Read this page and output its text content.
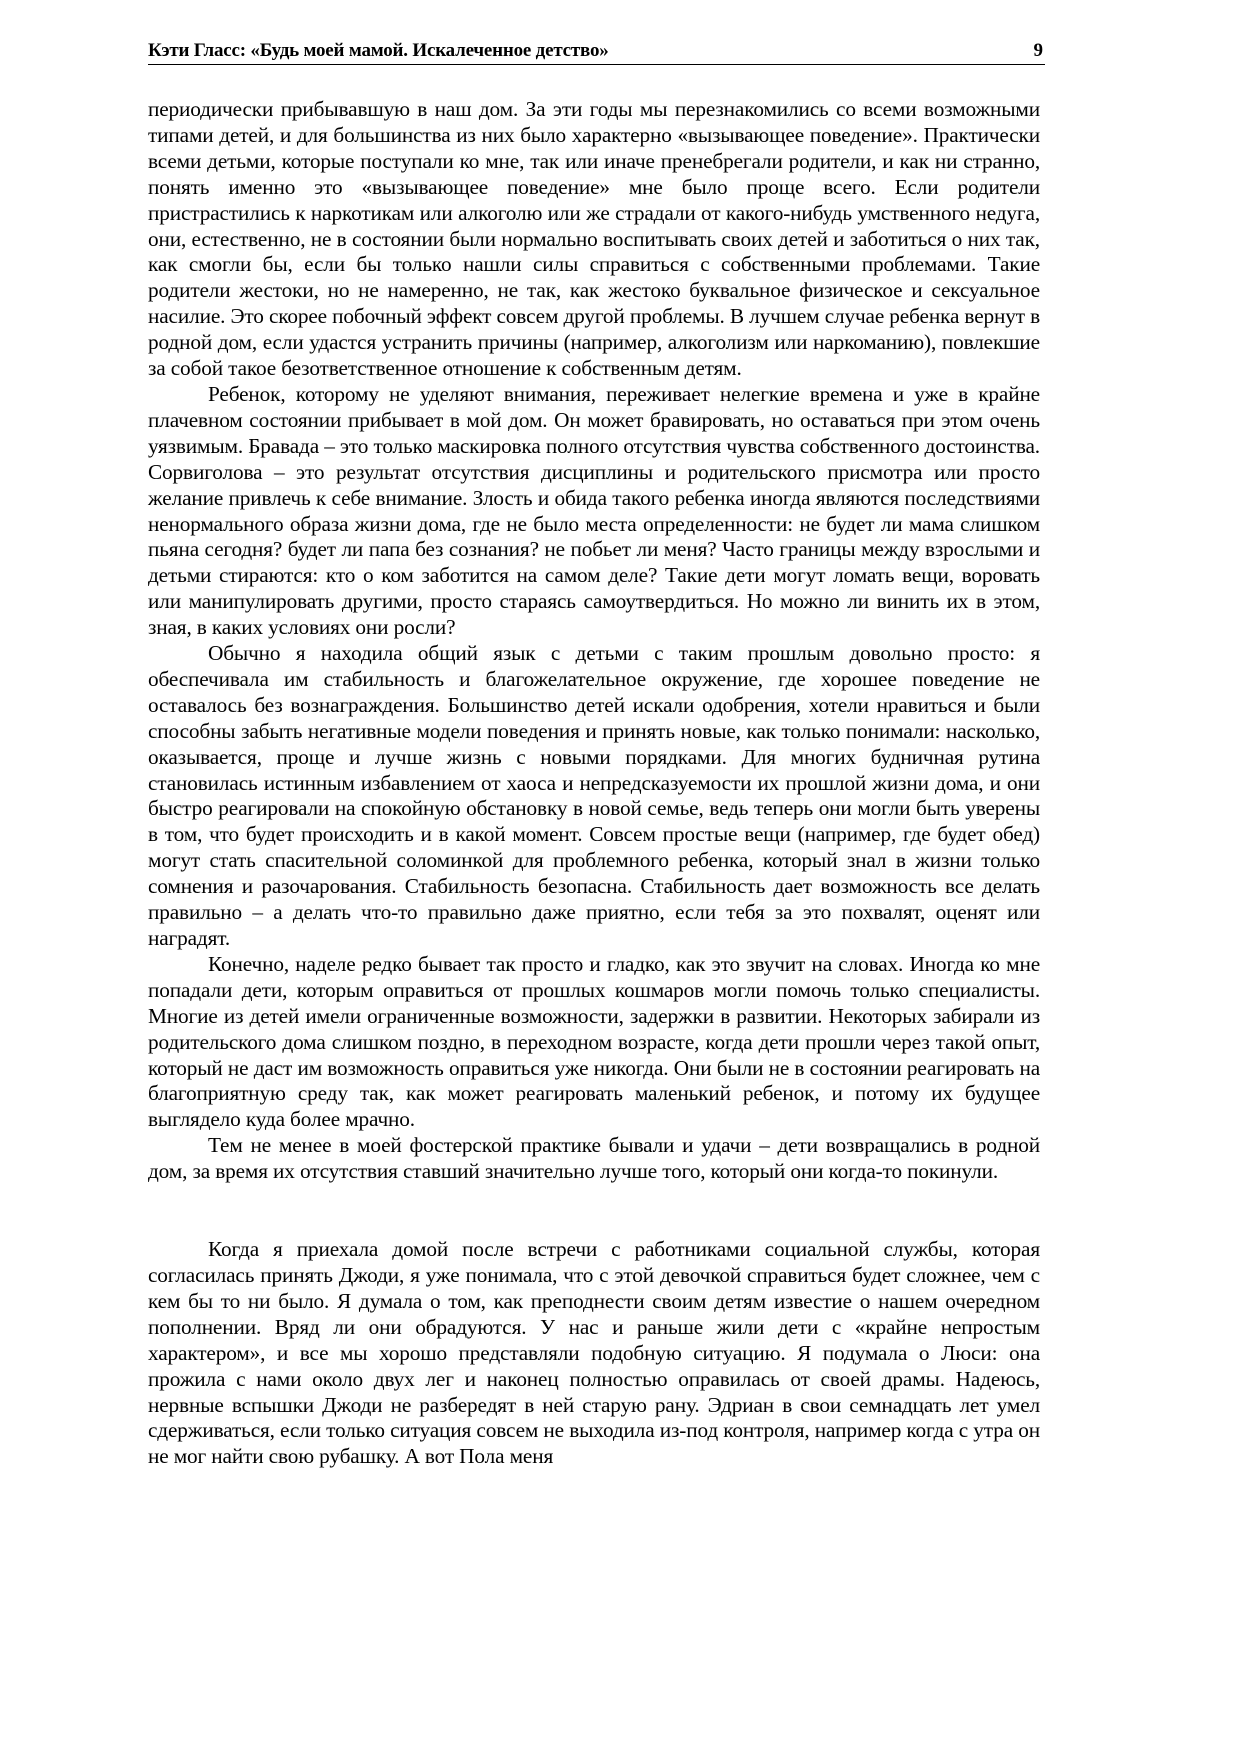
Кэти Гласс: «Будь моей мамой. Искалеченное детство»	9

периодически прибывавшую в наш дом. За эти годы мы перезнакомились со всеми возможными типами детей, и для большинства из них было характерно «вызывающее поведение». Практически всеми детьми, которые поступали ко мне, так или иначе пренебрегали родители, и как ни странно, понять именно это «вызывающее поведение» мне было проще всего. Если родители пристрастились к наркотикам или алкоголю или же страдали от какого-нибудь умственного недуга, они, естественно, не в состоянии были нормально воспитывать своих детей и заботиться о них так, как смогли бы, если бы только нашли силы справиться с собственными проблемами. Такие родители жестоки, но не намеренно, не так, как жестоко буквальное физическое и сексуальное насилие. Это скорее побочный эффект совсем другой проблемы. В лучшем случае ребенка вернут в родной дом, если удастся устранить причины (например, алкоголизм или наркоманию), повлекшие за собой такое безответственное отношение к собственным детям.

Ребенок, которому не уделяют внимания, переживает нелегкие времена и уже в крайне плачевном состоянии прибывает в мой дом. Он может бравировать, но оставаться при этом очень уязвимым. Бравада – это только маскировка полного отсутствия чувства собственного достоинства. Сорвиголова – это результат отсутствия дисциплины и родительского присмотра или просто желание привлечь к себе внимание. Злость и обида такого ребенка иногда являются последствиями ненормального образа жизни дома, где не было места определенности: не будет ли мама слишком пьяна сегодня? будет ли папа без сознания? не побьет ли меня? Часто границы между взрослыми и детьми стираются: кто о ком заботится на самом деле? Такие дети могут ломать вещи, воровать или манипулировать другими, просто стараясь самоутвердиться. Но можно ли винить их в этом, зная, в каких условиях они росли?

Обычно я находила общий язык с детьми с таким прошлым довольно просто: я обеспечивала им стабильность и благожелательное окружение, где хорошее поведение не оставалось без вознаграждения. Большинство детей искали одобрения, хотели нравиться и были способны забыть негативные модели поведения и принять новые, как только понимали: насколько, оказывается, проще и лучше жизнь с новыми порядками. Для многих будничная рутина становилась истинным избавлением от хаоса и непредсказуемости их прошлой жизни дома, и они быстро реагировали на спокойную обстановку в новой семье, ведь теперь они могли быть уверены в том, что будет происходить и в какой момент. Совсем простые вещи (например, где будет обед) могут стать спасительной соломинкой для проблемного ребенка, который знал в жизни только сомнения и разочарования. Стабильность безопасна. Стабильность дает возможность все делать правильно – а делать что-то правильно даже приятно, если тебя за это похвалят, оценят или наградят.

Конечно, наделе редко бывает так просто и гладко, как это звучит на словах. Иногда ко мне попадали дети, которым оправиться от прошлых кошмаров могли помочь только специалисты. Многие из детей имели ограниченные возможности, задержки в развитии. Некоторых забирали из родительского дома слишком поздно, в переходном возрасте, когда дети прошли через такой опыт, который не даст им возможность оправиться уже никогда. Они были не в состоянии реагировать на благоприятную среду так, как может реагировать маленький ребенок, и потому их будущее выглядело куда более мрачно.

Тем не менее в моей фостерской практике бывали и удачи – дети возвращались в родной дом, за время их отсутствия ставший значительно лучше того, который они когда-то покинули.

Когда я приехала домой после встречи с работниками социальной службы, которая согласилась принять Джоди, я уже понимала, что с этой девочкой справиться будет сложнее, чем с кем бы то ни было. Я думала о том, как преподнести своим детям известие о нашем очередном пополнении. Вряд ли они обрадуются. У нас и раньше жили дети с «крайне непростым характером», и все мы хорошо представляли подобную ситуацию. Я подумала о Люси: она прожила с нами около двух лег и наконец полностью оправилась от своей драмы. Надеюсь, нервные вспышки Джоди не разбередят в ней старую рану. Эдриан в свои семнадцать лет умел сдерживаться, если только ситуация совсем не выходила из-под контроля, например когда с утра он не мог найти свою рубашку. А вот Пола меня
